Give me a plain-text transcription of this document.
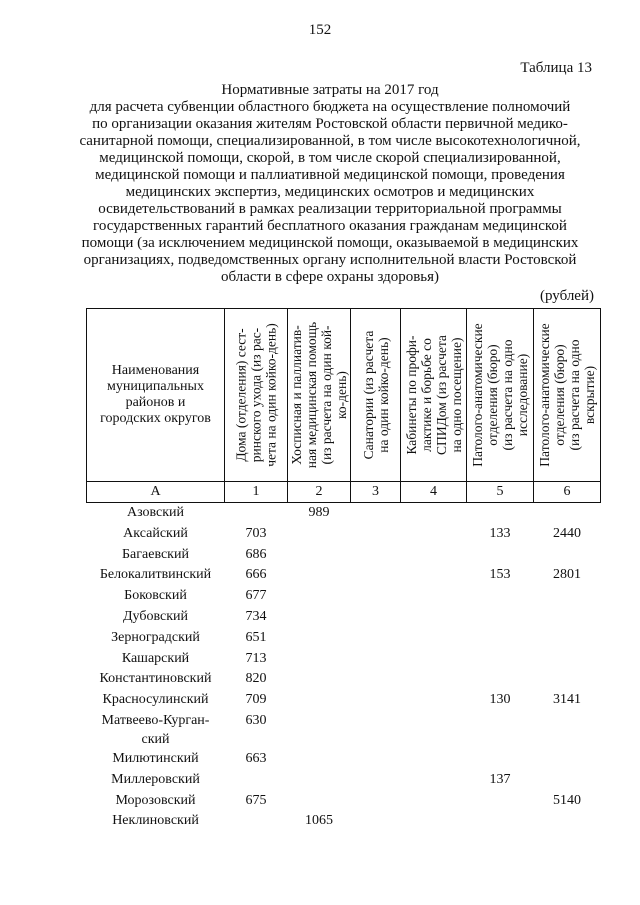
152
Таблица 13
Нормативные затраты на 2017 год
для расчета субвенции областного бюджета на осуществление полномочий
по организации оказания жителям Ростовской области первичной медико-
санитарной помощи, специализированной, в том числе высокотехнологичной,
медицинской помощи, скорой, в том числе скорой специализированной,
медицинской помощи и паллиативной медицинской помощи, проведения
медицинских экспертиз, медицинских осмотров и медицинских
освидетельствований в рамках реализации территориальной программы
государственных гарантий бесплатного оказания гражданам медицинской
помощи (за исключением медицинской помощи, оказываемой в медицинских
организациях, подведомственных органу исполнительной власти Ростовской
области в сфере охраны здоровья)
(рублей)
Наименования
муниципальных
районов и
городских округов	Дома (отделения) сест- ринского ухода (из рас- чета на один койко-день)	Хосписная и паллиатив- ная медицинская помощь (из расчета на один кой- ко-день)	Санатории (из расчета на один койко-день)	Кабинеты по профи- лактике и борьбе со СПИДом (из расчета на одно посещение)	Патолого-анатомические отделения (бюро) (из расчета на одно исследование)	Патолого-анатомические отделения (бюро) (из расчета на одно вскрытие)

А	1	2	3	4	5	6

Азовский		989				

Аксайский	703				133	2440

Багаевский	686					

Белокалитвинский	666				153	2801

Боковский	677					

Дубовский	734					

Зерноградский	651					

Кашарский	713					

Константиновский	820					

Красносулинский	709				130	3141

Матвеево-Курган-
ский	630					

Милютинский	663					

Миллеровский					137	

Морозовский	675					5140

Неклиновский		1065				
